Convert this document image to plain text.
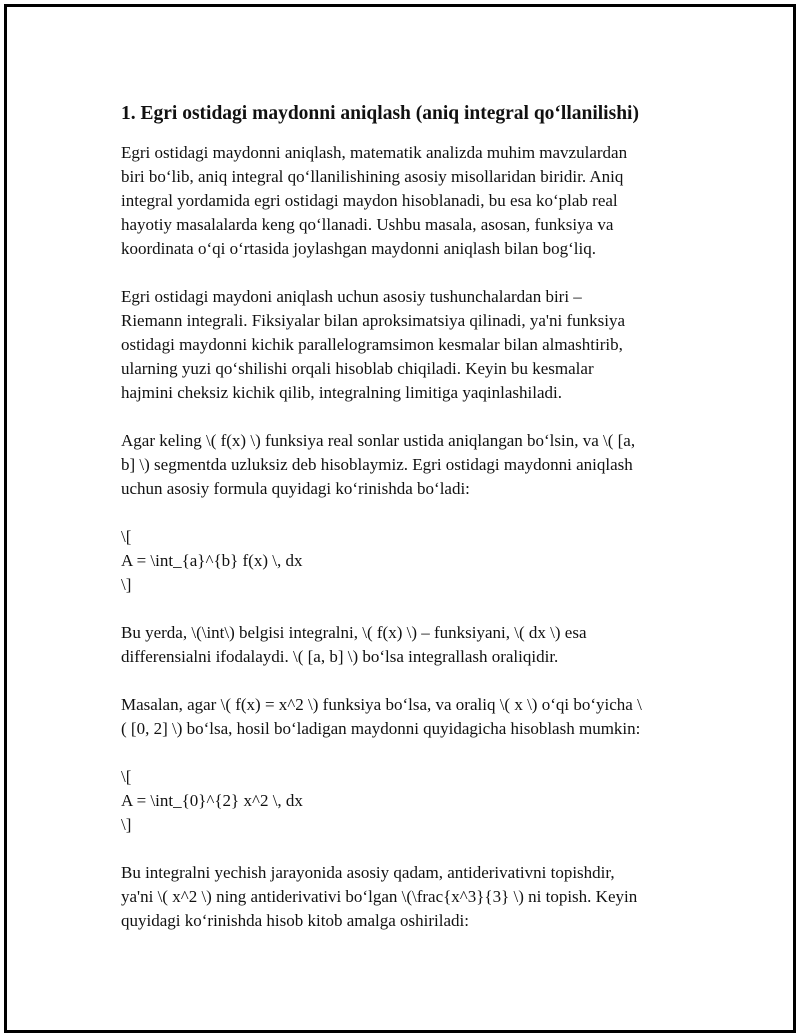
1. Egri ostidagi maydonni aniqlash (aniq integral qo‘llanilishi)
Egri ostidagi maydonni aniqlash, matematik analizda muhim mavzulardan
biri bo‘lib, aniq integral qo‘llanilishining asosiy misollaridan biridir. Aniq
integral yordamida egri ostidagi maydon hisoblanadi, bu esa ko‘plab real
hayotiy masalalarda keng qo‘llanadi. Ushbu masala, asosan, funksiya va
koordinata o‘qi o‘rtasida joylashgan maydonni aniqlash bilan bog‘liq.
Egri ostidagi maydoni aniqlash uchun asosiy tushunchalardan biri –
Riemann integrali. Fiksiyalar bilan aproksimatsiya qilinadi, ya'ni funksiya
ostidagi maydonni kichik parallelogramsimon kesmalar bilan almashtirib,
ularning yuzi qo‘shilishi orqali hisoblab chiqiladi. Keyin bu kesmalar
hajmini cheksiz kichik qilib, integralning limitiga yaqinlashiladi.
Agar keling \( f(x) \) funksiya real sonlar ustida aniqlangan bo‘lsin, va \( [a,
b] \) segmentda uzluksiz deb hisoblaymiz. Egri ostidagi maydonni aniqlash
uchun asosiy formula quyidagi ko‘rinishda bo‘ladi:
\[
A = \int_{a}^{b} f(x) \, dx
\]
Bu yerda, \(\int\) belgisi integralni, \( f(x) \) – funksiyani, \( dx \) esa
differensialni ifodalaydi. \( [a, b] \) bo‘lsa integrallash oraliqidir.
Masalan, agar \( f(x) = x^2 \) funksiya bo‘lsa, va oraliq \( x \) o‘qi bo‘yicha \
( [0, 2] \) bo‘lsa, hosil bo‘ladigan maydonni quyidagicha hisoblash mumkin:
\[
A = \int_{0}^{2} x^2 \, dx
\]
Bu integralni yechish jarayonida asosiy qadam, antiderivativni topishdir,
ya'ni \( x^2 \) ning antiderivativi bo‘lgan \(\frac{x^3}{3} \) ni topish. Keyin
quyidagi ko‘rinishda hisob kitob amalga oshiriladi:
